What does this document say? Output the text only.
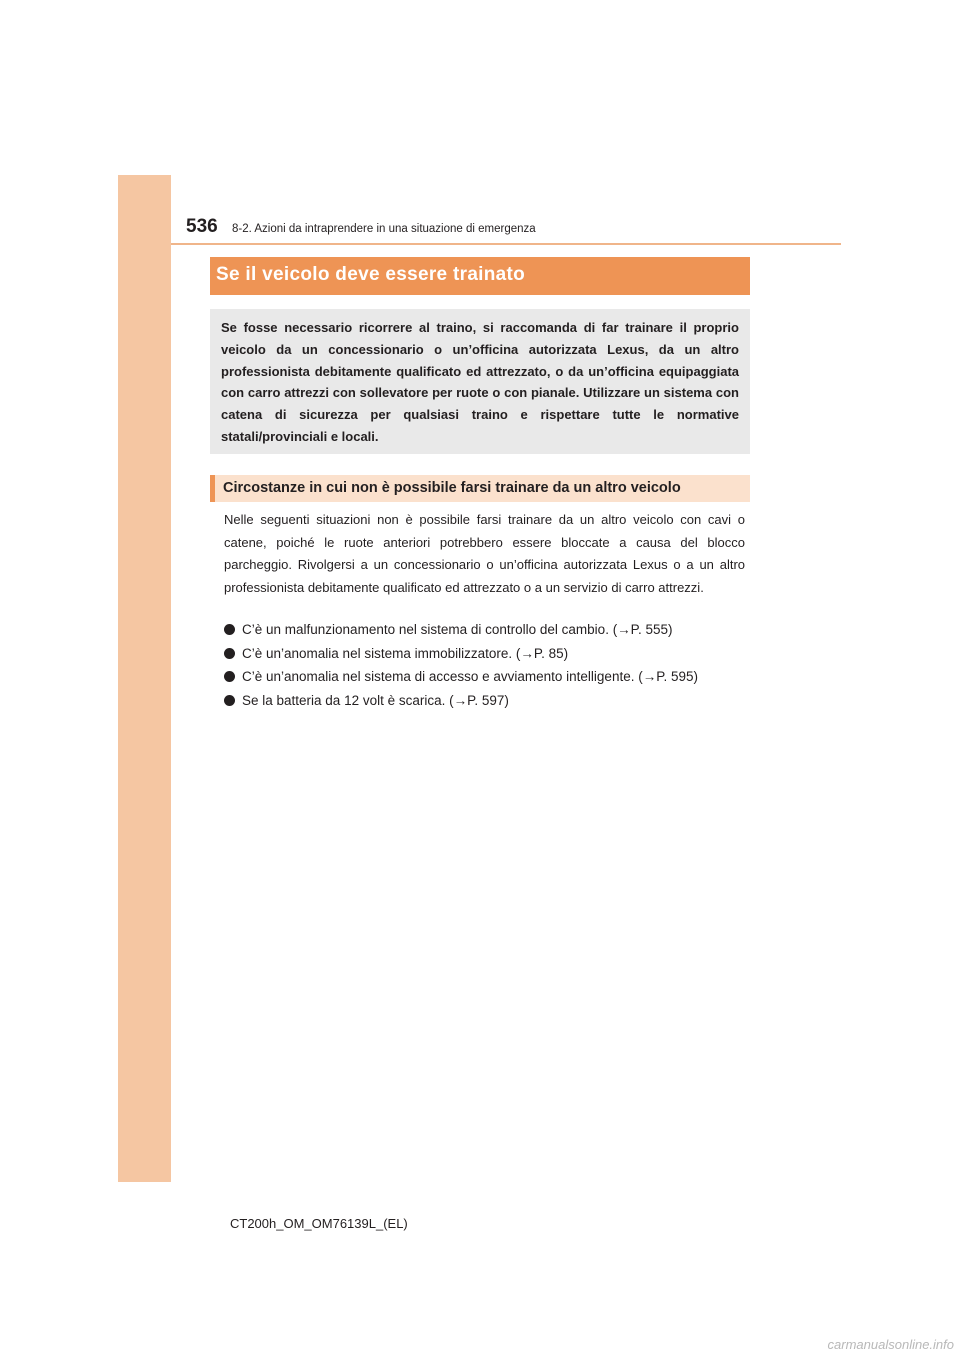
536 8-2. Azioni da intraprendere in una situazione di emergenza
Se il veicolo deve essere trainato

Se fosse necessario ricorrere al traino, si raccomanda di far trainare il proprio veicolo da un concessionario o un’officina autorizzata Lexus, da un altro professionista debitamente qualificato ed attrezzato, o da un’officina equipaggiata con carro attrezzi con sollevatore per ruote o con pianale. Utilizzare un sistema con catena di sicurezza per qualsiasi traino e rispettare tutte le normative statali/provinciali e locali.

Circostanze in cui non è possibile farsi trainare da un altro veicolo

Nelle seguenti situazioni non è possibile farsi trainare da un altro veicolo con cavi o catene, poiché le ruote anteriori potrebbero essere bloccate a causa del blocco parcheggio. Rivolgersi a un concessionario o un’officina autorizzata Lexus o a un altro professionista debitamente qualificato ed attrezzato o a un servizio di carro attrezzi.

C’è un malfunzionamento nel sistema di controllo del cambio. (→P. 555)
C’è un’anomalia nel sistema immobilizzatore. (→P. 85)
C’è un’anomalia nel sistema di accesso e avviamento intelligente. (→P. 595)
Se la batteria da 12 volt è scarica. (→P. 597)
CT200h_OM_OM76139L_(EL)
carmanualsonline.info
